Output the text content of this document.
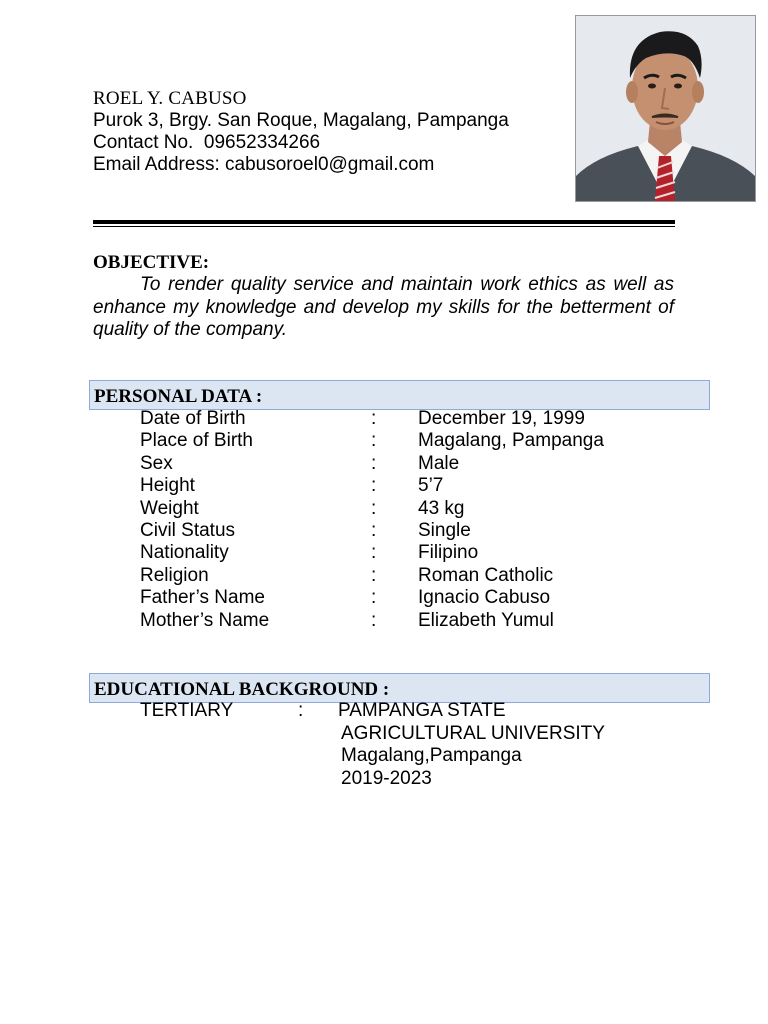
ROEL Y. CABUSO

Purok 3, Brgy. San Roque, Magalang, Pampanga

Contact No.  09652334266

Email Address: cabusoroel0@gmail.com

OBJECTIVE:

To render quality service and maintain work ethics as well as enhance my knowledge and develop my skills for the betterment of quality of the company.

PERSONAL DATA :

Date of Birth	: December 19, 1999
Place of Birth	: Magalang, Pampanga
Sex	: Male
Height	: 5’7
Weight	: 43 kg
Civil Status	: Single
Nationality	: Filipino
Religion	: Roman Catholic
Father’s Name	: Ignacio Cabuso
Mother’s Name	: Elizabeth Yumul

EDUCATIONAL BACKGROUND :

TERTIARY	: PAMPANGA STATE
AGRICULTURAL UNIVERSITY
Magalang,Pampanga
2019-2023
